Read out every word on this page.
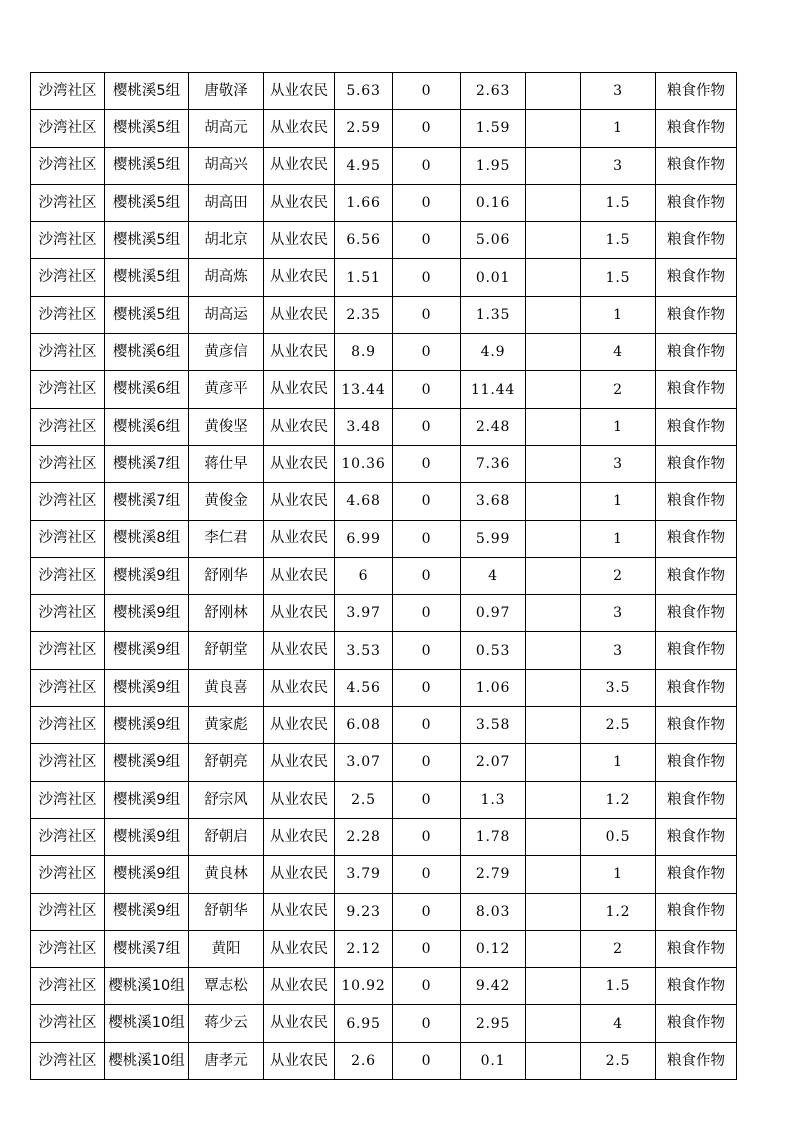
沙湾社区	樱桃溪5组	唐敬泽	从业农民	5.63	0	2.63		3	粮食作物
沙湾社区	樱桃溪5组	胡高元	从业农民	2.59	0	1.59		1	粮食作物
沙湾社区	樱桃溪5组	胡高兴	从业农民	4.95	0	1.95		3	粮食作物
沙湾社区	樱桃溪5组	胡高田	从业农民	1.66	0	0.16		1.5	粮食作物
沙湾社区	樱桃溪5组	胡北京	从业农民	6.56	0	5.06		1.5	粮食作物
沙湾社区	樱桃溪5组	胡高炼	从业农民	1.51	0	0.01		1.5	粮食作物
沙湾社区	樱桃溪5组	胡高运	从业农民	2.35	0	1.35		1	粮食作物
沙湾社区	樱桃溪6组	黄彦信	从业农民	8.9	0	4.9		4	粮食作物
沙湾社区	樱桃溪6组	黄彦平	从业农民	13.44	0	11.44		2	粮食作物
沙湾社区	樱桃溪6组	黄俊坚	从业农民	3.48	0	2.48		1	粮食作物
沙湾社区	樱桃溪7组	蒋仕早	从业农民	10.36	0	7.36		3	粮食作物
沙湾社区	樱桃溪7组	黄俊金	从业农民	4.68	0	3.68		1	粮食作物
沙湾社区	樱桃溪8组	李仁君	从业农民	6.99	0	5.99		1	粮食作物
沙湾社区	樱桃溪9组	舒刚华	从业农民	6	0	4		2	粮食作物
沙湾社区	樱桃溪9组	舒刚林	从业农民	3.97	0	0.97		3	粮食作物
沙湾社区	樱桃溪9组	舒朝堂	从业农民	3.53	0	0.53		3	粮食作物
沙湾社区	樱桃溪9组	黄良喜	从业农民	4.56	0	1.06		3.5	粮食作物
沙湾社区	樱桃溪9组	黄家彪	从业农民	6.08	0	3.58		2.5	粮食作物
沙湾社区	樱桃溪9组	舒朝亮	从业农民	3.07	0	2.07		1	粮食作物
沙湾社区	樱桃溪9组	舒宗风	从业农民	2.5	0	1.3		1.2	粮食作物
沙湾社区	樱桃溪9组	舒朝启	从业农民	2.28	0	1.78		0.5	粮食作物
沙湾社区	樱桃溪9组	黄良林	从业农民	3.79	0	2.79		1	粮食作物
沙湾社区	樱桃溪9组	舒朝华	从业农民	9.23	0	8.03		1.2	粮食作物
沙湾社区	樱桃溪7组	黄阳	从业农民	2.12	0	0.12		2	粮食作物
沙湾社区	樱桃溪10组	覃志松	从业农民	10.92	0	9.42		1.5	粮食作物
沙湾社区	樱桃溪10组	蒋少云	从业农民	6.95	0	2.95		4	粮食作物
沙湾社区	樱桃溪10组	唐孝元	从业农民	2.6	0	0.1		2.5	粮食作物
